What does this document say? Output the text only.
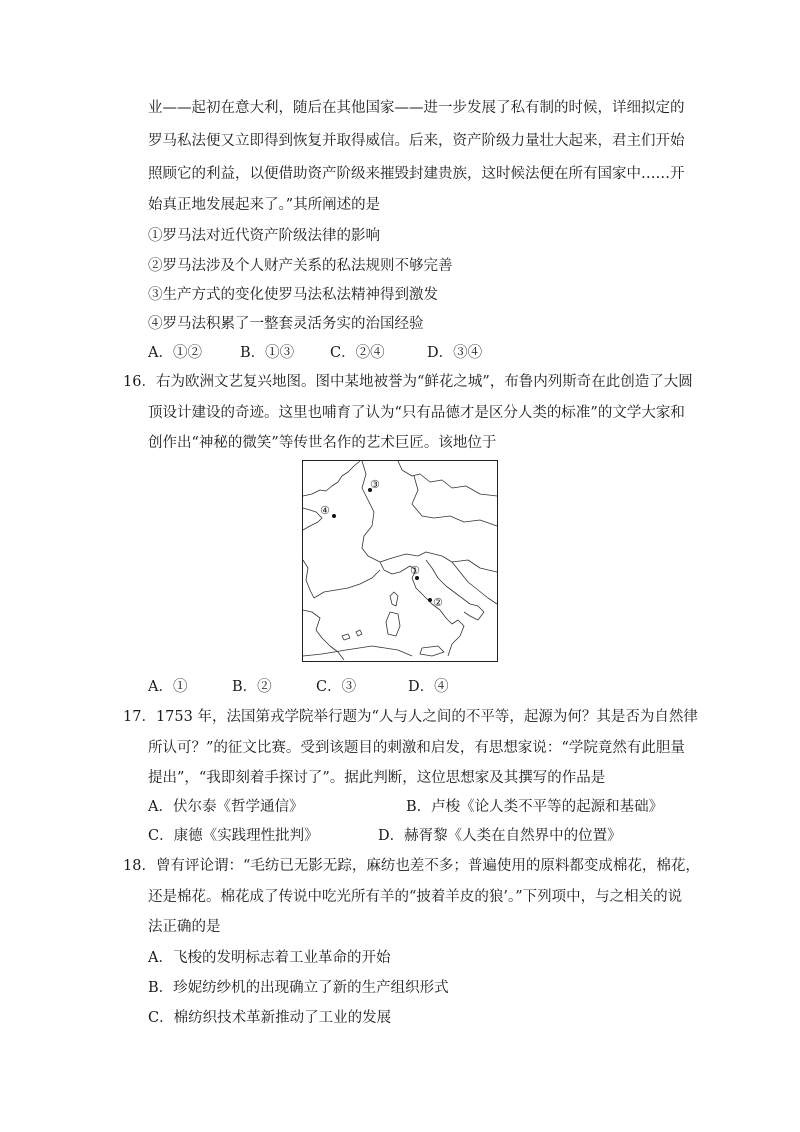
业——起初在意大利，随后在其他国家——进一步发展了私有制的时候，详细拟定的
罗马私法便又立即得到恢复并取得威信。后来，资产阶级力量壮大起来，君主们开始
照顾它的利益，以便借助资产阶级来摧毁封建贵族，这时候法便在所有国家中……开
始真正地发展起来了。”其所阐述的是
①罗马法对近代资产阶级法律的影响
②罗马法涉及个人财产关系的私法规则不够完善
③生产方式的变化使罗马法私法精神得到激发
④罗马法积累了一整套灵活务实的治国经验
A．①②	B．①③ C．②④	D．③④
16．右为欧洲文艺复兴地图。图中某地被誉为“鲜花之城”，布鲁内列斯奇在此创造了大圆
顶设计建设的奇迹。这里也哺育了认为“只有品德才是区分人类的标准”的文学大家和
创作出“神秘的微笑”等传世名作的艺术巨匠。该地位于
①
②
③
④
A．①	B．②	C．③	D．④
17．1753 年，法国第戎学院举行题为“人与人之间的不平等，起源为何？其是否为自然律
所认可？”的征文比赛。受到该题目的刺激和启发，有思想家说：“学院竟然有此胆量
提出”，“我即刻着手探讨了”。据此判断，这位思想家及其撰写的作品是
A．伏尔泰《哲学通信》	B．卢梭《论人类不平等的起源和基础》
C．康德《实践理性批判》	D．赫胥黎《人类在自然界中的位置》
18．曾有评论谓：“毛纺已无影无踪，麻纺也差不多；普遍使用的原料都变成棉花，棉花，
还是棉花。棉花成了传说中吃光所有羊的“披着羊皮的狼’。”下列项中，与之相关的说
法正确的是
A．飞梭的发明标志着工业革命的开始
B．珍妮纺纱机的出现确立了新的生产组织形式
C．棉纺织技术革新推动了工业的发展
